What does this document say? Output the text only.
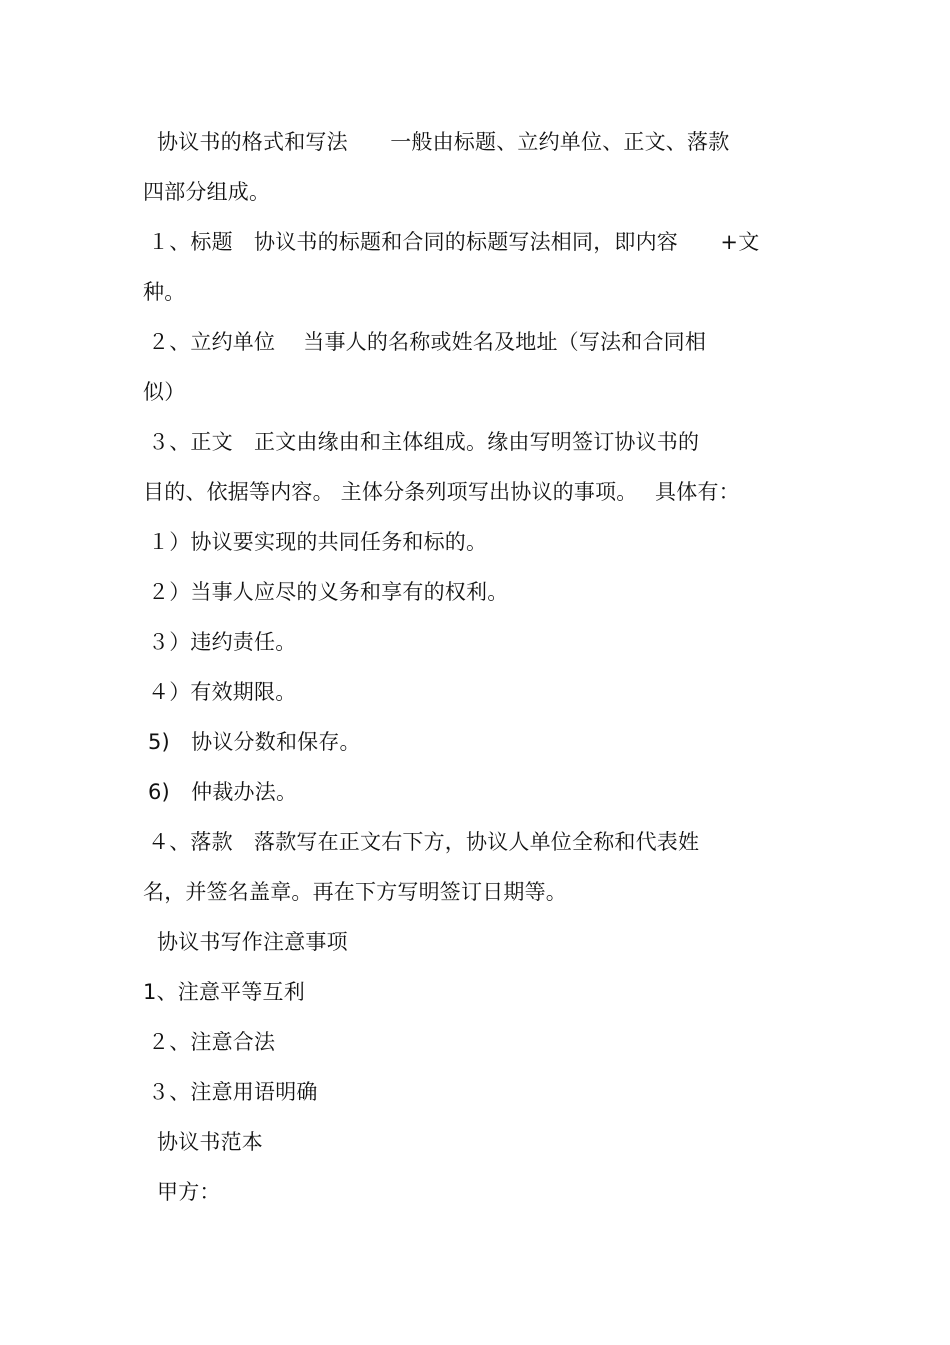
协议书的格式和写法　　一般由标题、立约单位、正文、落款
四部分组成。
１、标题　协议书的标题和合同的标题写法相同，即内容　　+文
种。
２、立约单位　 当事人的名称或姓名及地址（写法和合同相
似）
３、正文　正文由缘由和主体组成。缘由写明签订协议书的
目的、依据等内容。 主体分条列项写出协议的事项。　 具体有：
１）协议要实现的共同任务和标的。
２）当事人应尽的义务和享有的权利。
３）违约责任。
４）有效期限。
5)　协议分数和保存。
6)　仲裁办法。
４、落款　落款写在正文右下方，协议人单位全称和代表姓
名，并签名盖章。再在下方写明签订日期等。
协议书写作注意事项
1、注意平等互利
２、注意合法
３、注意用语明确
协议书范本
甲方：
